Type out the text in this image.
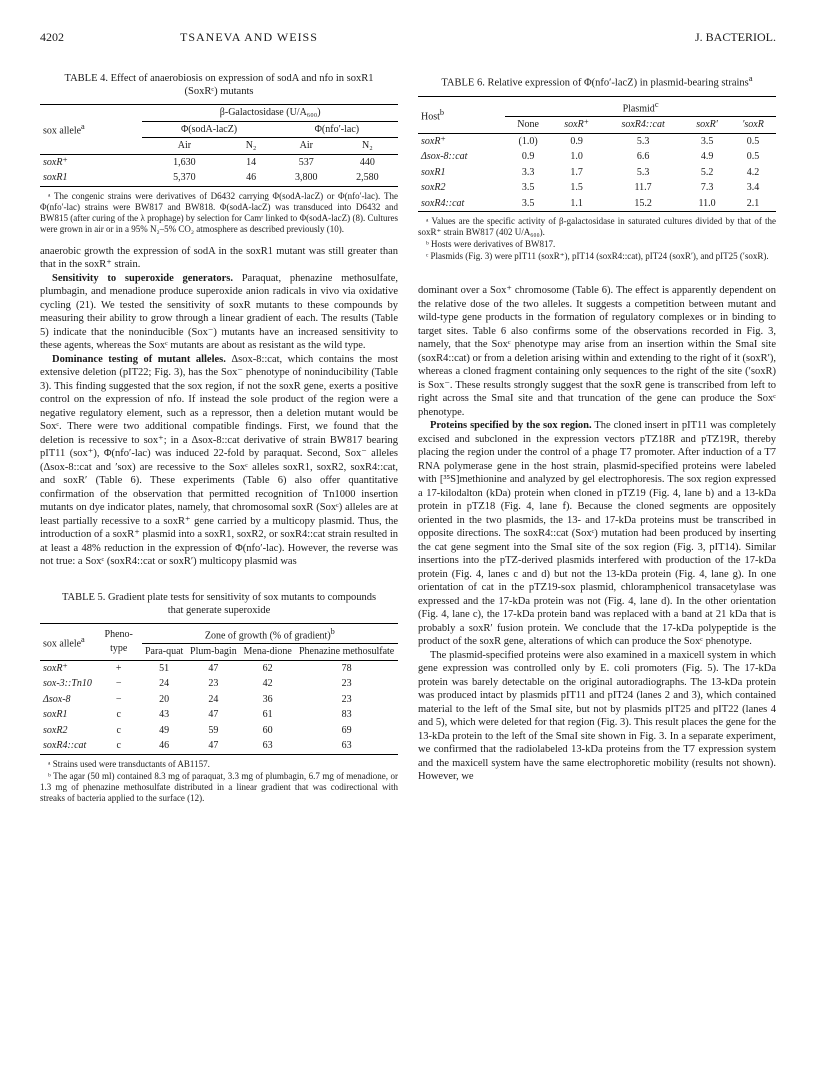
4202	TSANEVA AND WEISS	J. BACTERIOL.
TABLE 4. Effect of anaerobiosis on expression of sodA and nfo in soxR1 (SoxRᶜ) mutants
sox allele$^a$	β-Galactosidase (U/A₆₀₀)			
	Φ(sodA-lacZ)		Φ(nfo′-lac)	
	Air	N₂	Air	N₂
soxR⁺	1,630	14	537	440
soxR1	5,370	46	3,800	2,580
ᵃ The congenic strains were derivatives of D6432 carrying Φ(sodA-lacZ) or Φ(nfo′-lac). The Φ(nfo′-lac) strains were BW817 and BW818. Φ(sodA-lacZ) was transduced into D6432 and BW815 (after curing of the λ prophage) by selection for Camʳ linked to Φ(sodA-lacZ) (8). Cultures were grown in air or in a 95% N₂–5% CO₂ atmosphere as described previously (10).

anaerobic growth the expression of sodA in the soxR1 mutant was still greater than that in the soxR⁺ strain.

Sensitivity to superoxide generators. Paraquat, phenazine methosulfate, plumbagin, and menadione produce superoxide anion radicals in vivo via oxidative cycling (21). We tested the sensitivity of soxR mutants to these compounds by measuring their ability to grow through a linear gradient of each. The results (Table 5) indicate that the noninducible (Sox⁻) mutants have an increased sensitivity to these agents, whereas the Soxᶜ mutants are about as resistant as the wild type.

Dominance testing of mutant alleles. Δsox-8::cat, which contains the most extensive deletion (pIT22; Fig. 3), has the Sox⁻ phenotype of noninducibility (Table 3). This finding suggested that the sox region, if not the soxR gene, exerts a positive control on the expression of nfo. If instead the sole product of the region were a negative regulatory element, such as a repressor, then a deletion mutant would be Soxᶜ. There were two additional compatible findings. First, we found that the deletion is recessive to sox⁺; in a Δsox-8::cat derivative of strain BW817 bearing pIT11 (sox⁺), Φ(nfo′-lac) was induced 22-fold by paraquat. Second, Sox⁻ alleles (Δsox-8::cat and ′sox) are recessive to the Soxᶜ alleles soxR1, soxR2, soxR4::cat, and soxR′ (Table 6). These experiments (Table 6) also offer quantitative confirmation of the observation that permitted recognition of Tn1000 insertion mutants on dye indicator plates, namely, that chromosomal soxR (Soxᶜ) alleles are at least partially recessive to a soxR⁺ gene carried by a multicopy plasmid. Thus, the introduction of a soxR⁺ plasmid into a soxR1, soxR2, or soxR4::cat strain resulted in at least a 48% reduction in the expression of Φ(nfo′-lac). However, the reverse was not true: a Soxᶜ (soxR4::cat or soxR′) multicopy plasmid was

TABLE 5. Gradient plate tests for sensitivity of sox mutants to compounds that generate superoxide
sox allele$^a$	Pheno-type	Zone of growth (% of gradient)$^b$
		Para-quat	Plum-bagin	Mena-dione	Phenazine methosulfate
soxR⁺	+	51	47	62	78
sox-3::Tn10	−	24	23	42	23
Δsox-8	−	20	24	36	23
soxR1	c	43	47	61	83
soxR2	c	49	59	60	69
soxR4::cat	c	46	47	63	63
ᵃ Strains used were transductants of AB1157.
ᵇ The agar (50 ml) contained 8.3 mg of paraquat, 3.3 mg of plumbagin, 6.7 mg of menadione, or 1.3 mg of phenazine methosulfate distributed in a linear gradient that was codirectional with streaks of bacteria applied to the surface (12).
TABLE 6. Relative expression of Φ(nfo′-lacZ) in plasmid-bearing strains$^a$
Host$^b$	Plasmid$^c$
	None	soxR⁺	soxR4::cat	soxR′	′soxR
soxR⁺	(1.0)	0.9	5.3	3.5	0.5
Δsox-8::cat	0.9	1.0	6.6	4.9	0.5
soxR1	3.3	1.7	5.3	5.2	4.2
soxR2	3.5	1.5	11.7	7.3	3.4
soxR4::cat	3.5	1.1	15.2	11.0	2.1
ᵃ Values are the specific activity of β-galactosidase in saturated cultures divided by that of the soxR⁺ strain BW817 (402 U/A₆₀₀).
ᵇ Hosts were derivatives of BW817.
ᶜ Plasmids (Fig. 3) were pIT11 (soxR⁺), pIT14 (soxR4::cat), pIT24 (soxR′), and pIT25 (′soxR).

dominant over a Sox⁺ chromosome (Table 6). The effect is apparently dependent on the relative dose of the two alleles. It suggests a competition between mutant and wild-type gene products in the formation of regulatory complexes or in binding to target sites. Table 6 also confirms some of the observations recorded in Fig. 3, namely, that the Soxᶜ phenotype may arise from an insertion within the SmaI site (soxR4::cat) or from a deletion arising within and extending to the right of it (soxR′), whereas a cloned fragment containing only sequences to the right of the site (′soxR) is Sox⁻. These results strongly suggest that the soxR gene is transcribed from left to right across the SmaI site and that truncation of the gene can produce the Soxᶜ phenotype.

Proteins specified by the sox region. The cloned insert in pIT11 was completely excised and subcloned in the expression vectors pTZ18R and pTZ19R, thereby placing the region under the control of a phage T7 promoter. After induction of a T7 RNA polymerase gene in the host strain, plasmid-specified proteins were labeled with [³⁵S]methionine and analyzed by gel electrophoresis. The sox region expressed a 17-kilodalton (kDa) protein when cloned in pTZ19 (Fig. 4, lane b) and a 13-kDa protein in pTZ18 (Fig. 4, lane f). Because the cloned segments are oppositely oriented in the two plasmids, the 13- and 17-kDa proteins must be transcribed in opposite directions. The soxR4::cat (Soxᶜ) mutation had been produced by inserting the cat gene segment into the SmaI site of the sox region (Fig. 3, pIT14). Similar insertions into the pTZ-derived plasmids interfered with production of the 17-kDa protein (Fig. 4, lanes c and d) but not the 13-kDa protein (Fig. 4, lane g). In one orientation of cat in the pTZ19-sox plasmid, chloramphenicol transacetylase was expressed and the 17-kDa protein was not (Fig. 4, lane d). In the other orientation (Fig. 4, lane c), the 17-kDa protein band was replaced with a band at 21 kDa that is probably a soxR′ fusion protein. We conclude that the 17-kDa polypeptide is the product of the soxR gene, alterations of which can produce the Soxᶜ phenotype.

The plasmid-specified proteins were also examined in a maxicell system in which gene expression was controlled only by E. coli promoters (Fig. 5). The 17-kDa protein was barely detectable on the original autoradiographs. The 13-kDa protein was produced intact by plasmids pIT11 and pIT24 (lanes 2 and 3), which contained material to the left of the SmaI site, but not by plasmids pIT25 and pIT22 (lanes 4 and 5), which were deleted for that region (Fig. 3). This result places the gene for the 13-kDa protein to the left of the SmaI site shown in Fig. 3. In a separate experiment, we confirmed that the radiolabeled 13-kDa proteins from the T7 expression system and the maxicell system have the same electrophoretic mobility (results not shown). However, we
